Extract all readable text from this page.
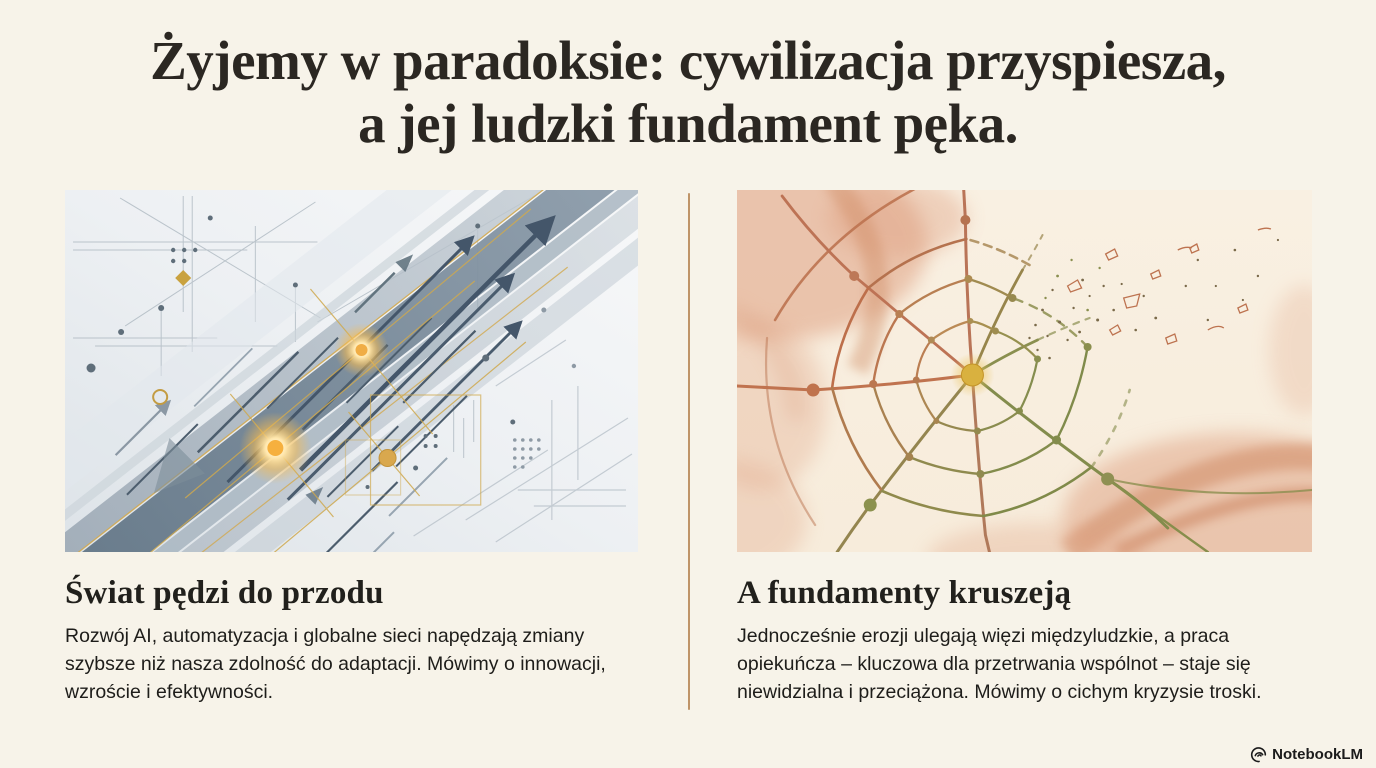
Żyjemy w paradoksie: cywilizacja przyspiesza,
a jej ludzki fundament pęka.
Świat pędzi do przodu

Rozwój AI, automatyzacja i globalne sieci napędzają zmiany szybsze niż nasza zdolność do adaptacji. Mówimy o innowacji, wzroście i efektywności.

A fundamenty kruszeją

Jednocześnie erozji ulegają więzi międzyludzkie, a praca opiekuńcza – kluczowa dla przetrwania wspólnot – staje się niewidzialna i przeciążona. Mówimy o cichym kryzysie troski.

NotebookLM
